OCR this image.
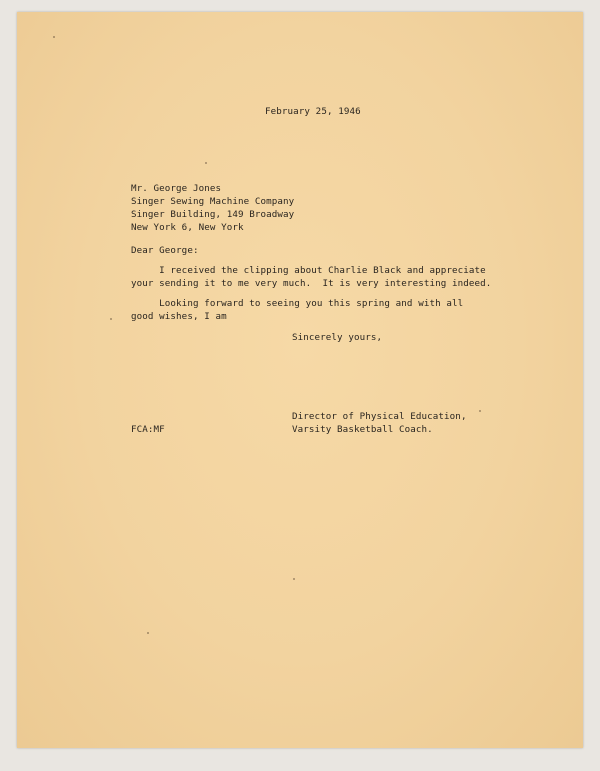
February 25, 1946
Mr. George Jones
Singer Sewing Machine Company
Singer Building, 149 Broadway
New York 6, New York
Dear George:
I received the clipping about Charlie Black and appreciate
your sending it to me very much.  It is very interesting indeed.
Looking forward to seeing you this spring and with all
good wishes, I am
Sincerely yours,
Director of Physical Education,
Varsity Basketball Coach.
FCA:MF
